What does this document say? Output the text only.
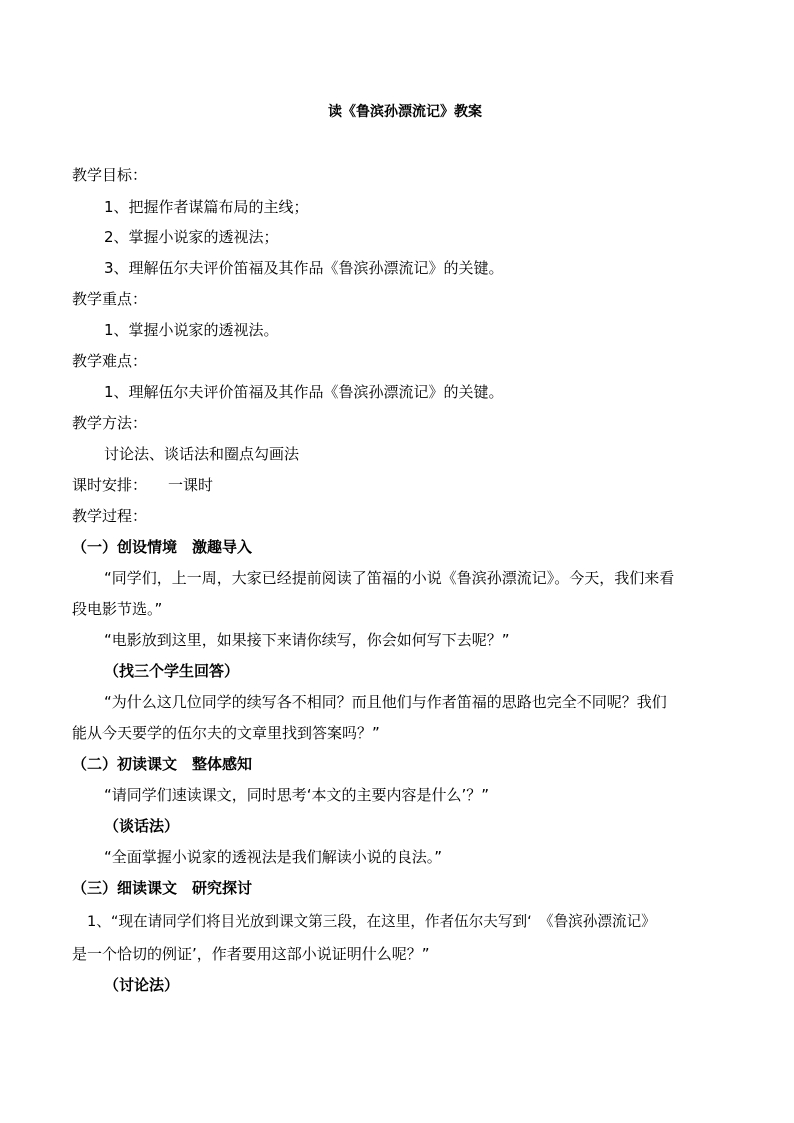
读《鲁滨孙漂流记》教案
教学目标：
1、把握作者谋篇布局的主线；
2、掌握小说家的透视法；
3、理解伍尔夫评价笛福及其作品《鲁滨孙漂流记》的关键。
教学重点：
1、掌握小说家的透视法。
教学难点：
1、理解伍尔夫评价笛福及其作品《鲁滨孙漂流记》的关键。
教学方法：
讨论法、谈话法和圈点勾画法
课时安排： 一课时
教学过程：
（一）创设情境　激趣导入
“同学们，上一周，大家已经提前阅读了笛福的小说《鲁滨孙漂流记》。今天，我们来看
段电影节选。”
“电影放到这里，如果接下来请你续写，你会如何写下去呢？”
（找三个学生回答）
“为什么这几位同学的续写各不相同？而且他们与作者笛福的思路也完全不同呢？我们
能从今天要学的伍尔夫的文章里找到答案吗？”
（二）初读课文　整体感知
“请同学们速读课文，同时思考‘本文的主要内容是什么’？”
（谈话法）
“全面掌握小说家的透视法是我们解读小说的良法。”
（三）细读课文　研究探讨
1、“现在请同学们将目光放到课文第三段，在这里，作者伍尔夫写到‘　《鲁滨孙漂流记》
是一个恰切的例证’，作者要用这部小说证明什么呢？”
（讨论法）
